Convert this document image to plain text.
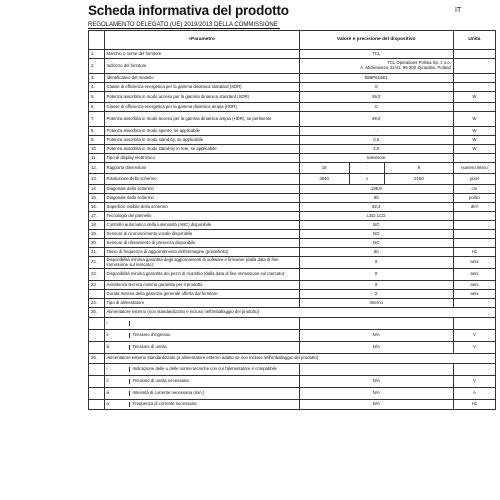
Scheda informativa del prodotto	IT
REGOLAMENTO DELEGATO (UE) 2019/2013 DELLA COMMISSIONE
	«Parametro	Valore e precisione del dispositivo			Unità
1.	Marchio o nome del fornitore	TCL			
2.	Indirizzo del fornitore	TCL Operations Polska Sp. z o.o.
A. Mickiewicza 31/41, 96-300 Żyrardów, Poland			
3.	Identificativo del modello	55BP615E1			
4.	Classe di efficienza energetica per la gamma dinamica standard (SDR)	G			
5.	Potenza assorbita in modo acceso per la gamma dinamica standard (SDR)	59,0			W
6.	Classe di efficienza energetica per la gamma dinamica ampia (HDR)	G			
7.	Potenza assorbita in modo acceso per la gamma dinamica ampia (HDR), se pertinente	99,0			W
8.	Potenza assorbita in modo spento, se applicabile	-			W
9.	Potenza assorbita in modo stand-by, se applicabile	0,5			W
10.	Potenza assorbita in modo stand-by in rete, se applicabile	2,0			W
11.	Tipo di display elettronico	televisore			
12.	Rapporto dimensioni	16	:	9	numero intero
13.	Risoluzione dello schermo	3840	x	2160	pixel
14.	Diagonale dello schermo	138,8			cm
15.	Diagonale dello schermo	55			pollici
16.	Superficie visibile dello schermo	82,3			dm²
17.	Tecnologia del pannello	LED LCD			
18.	Controllo automatico della luminosità (ABC) disponibile	NO			
19.	Sensore di riconoscimento vocale disponibile	NO			
20.	Sensore di rilevamento di presenza disponibile	NO			
21.	Tasso di frequenza di aggiornamento dell'immagine (predefinito)	60			Hz
22.	Disponibilità minima garantita degli aggiornamenti di software e firmware (dalla data di fine immissione sul mercato):	8			anni
23.	Disponibilità minima garantita dei pezzi di ricambio (dalla data di fine immissione sul mercato):	8			anni
23.	Assistenza tecnica minima garantita per il prodotto	8			anni
	Durata minima della garanzia generale offerta dal fornitore	2			anni
24.	Tipo di alimentatore	Interno			
25.	Alimentatore esterno (non standardizzato e incluso nell'imballaggio del prodotto)				

	i				

	ii Tensione d'ingresso	N/A			V

	iii Tensione di uscita	N/A			V
26.	Alimentatore esterno standardizzato (o alimentatore esterno adatto se non incluso nell'imballaggio del prodotto)				

	i Indicazione delle o delle norme tecniche con cui l'alimentatore è compatibile				

	ii Tensione di uscita necessaria	N/A			V

	iii Intensità di corrente necessaria (min.)	N/A			A

	iv Frequenza di corrente necessaria	N/A			Hz
